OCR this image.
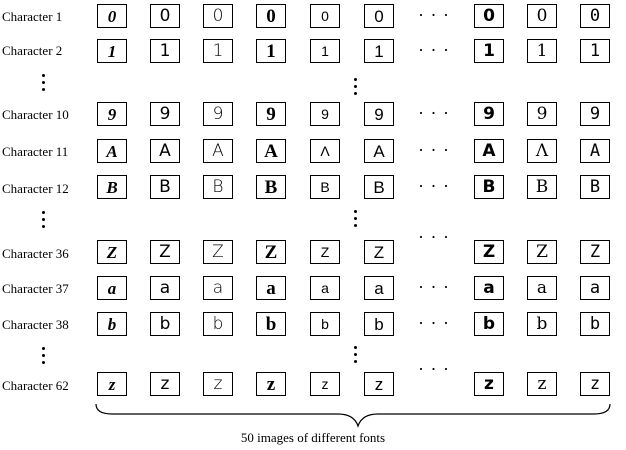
Character 1	0	0	0	0	0	0	0	0	0
· · ·
Character 2	1	1	1	1	1	1	1	1	1
· · ·
Character 10	9	9	9	9	9	9	9	9	9
· · ·
Character 11	A	A	A	A	Λ	A	A	Λ	A
· · ·
Character 12	B	B	B	B	B	B	B	B	B
· · ·
Character 36	Z	Z	Z	Z	Z	Z	Z	Z	Z
· · ·
Character 37	a	a	a	a	a	a	a	a	a
· · ·
Character 38	b	b	b	b	b	b	b	b	b
· · ·
Character 62	z	z	z	z	z	z	z	z	z
· · ·
50 images of different fonts
